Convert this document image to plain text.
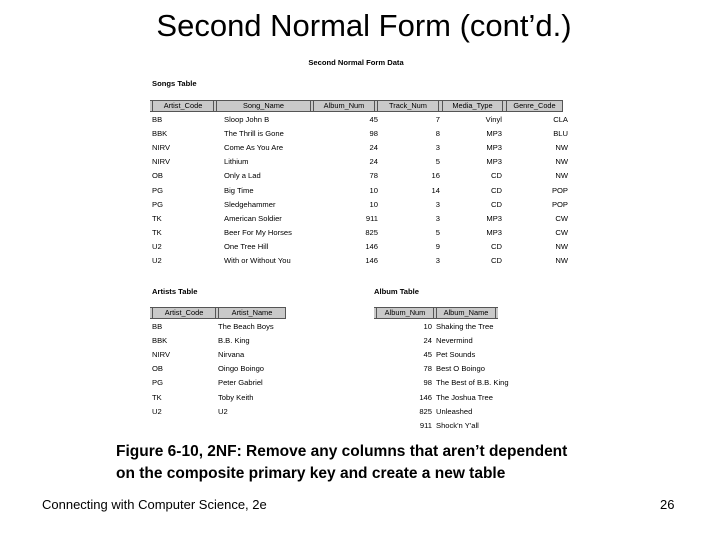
Second Normal Form (cont’d.)
Second Normal Form Data
Songs Table
Artist_Code	Song_Name	Album_Num	Track_Num	Media_Type	Genre_Code
BB	Sloop John B	45	7	Vinyl	CLA
BBK	The Thrill is Gone	98	8	MP3	BLU
NIRV	Come As You Are	24	3	MP3	NW
NIRV	Lithium	24	5	MP3	NW
OB	Only a Lad	78	16	CD	NW
PG	Big Time	10	14	CD	POP
PG	Sledgehammer	10	3	CD	POP
TK	American Soldier	911	3	MP3	CW
TK	Beer For My Horses	825	5	MP3	CW
U2	One Tree Hill	146	9	CD	NW
U2	With or Without You	146	3	CD	NW
Artists Table
Artist_Code	Artist_Name
BB	The Beach Boys
BBK	B.B. King
NIRV	Nirvana
OB	Oingo Boingo
PG	Peter Gabriel
TK	Toby Keith
U2	U2
Album Table
Album_Num	Album_Name
10 Shaking the Tree
24 Nevermind
45 Pet Sounds
78 Best O Boingo
98 The Best of B.B. King
146 The Joshua Tree
825 Unleashed
911 Shock'n Y'all
Figure 6-10, 2NF: Remove any columns that aren’t dependent
on the composite primary key and create a new table
Connecting with Computer Science, 2e	26
